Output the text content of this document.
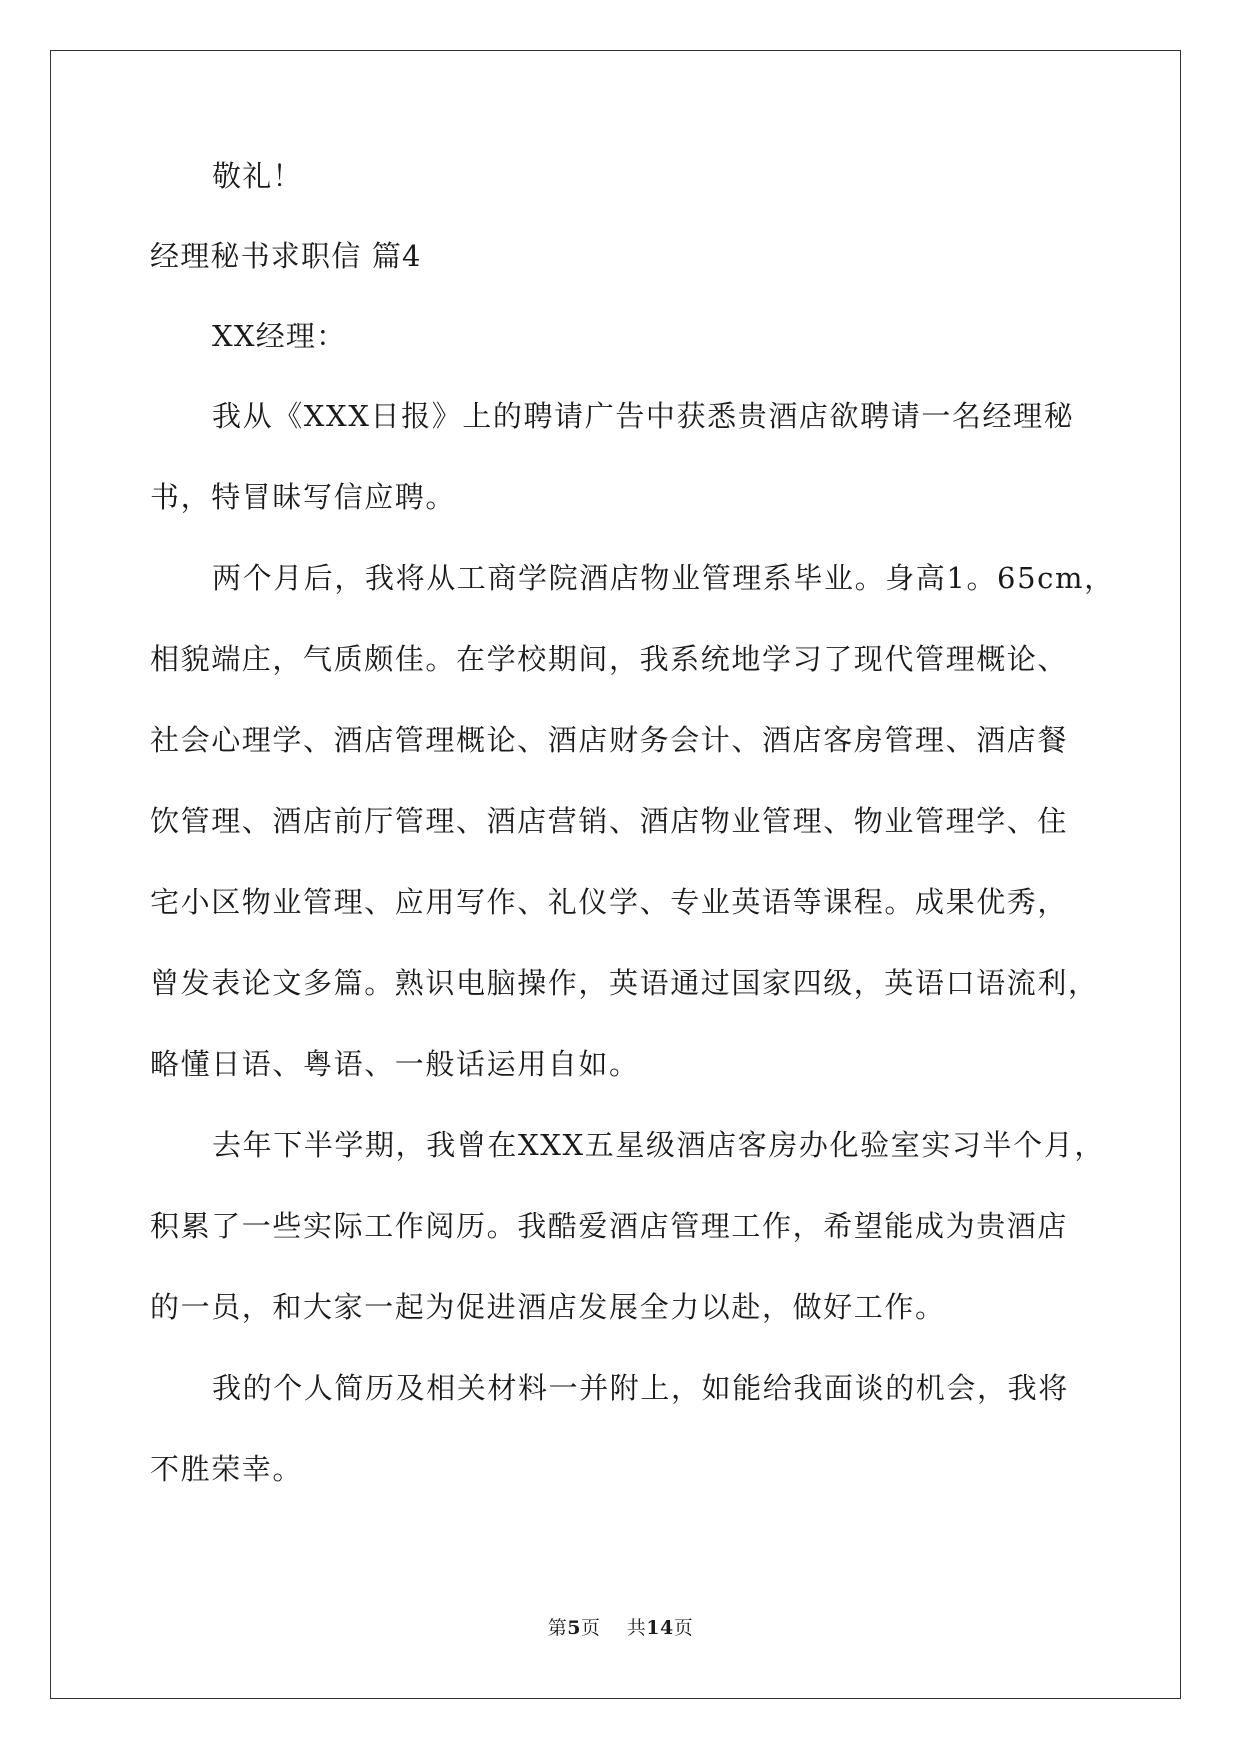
敬礼！
经理秘书求职信 篇4
XX经理：
我从《XXX日报》上的聘请广告中获悉贵酒店欲聘请一名经理秘
书，特冒昧写信应聘。
两个月后，我将从工商学院酒店物业管理系毕业。身高1。65cm，
相貌端庄，气质颇佳。在学校期间，我系统地学习了现代管理概论、
社会心理学、酒店管理概论、酒店财务会计、酒店客房管理、酒店餐
饮管理、酒店前厅管理、酒店营销、酒店物业管理、物业管理学、住
宅小区物业管理、应用写作、礼仪学、专业英语等课程。成果优秀，
曾发表论文多篇。熟识电脑操作，英语通过国家四级，英语口语流利，
略懂日语、粤语、一般话运用自如。
去年下半学期，我曾在XXX五星级酒店客房办化验室实习半个月，
积累了一些实际工作阅历。我酷爱酒店管理工作，希望能成为贵酒店
的一员，和大家一起为促进酒店发展全力以赴，做好工作。
我的个人简历及相关材料一并附上，如能给我面谈的机会，我将
不胜荣幸。
第5页 共14页
